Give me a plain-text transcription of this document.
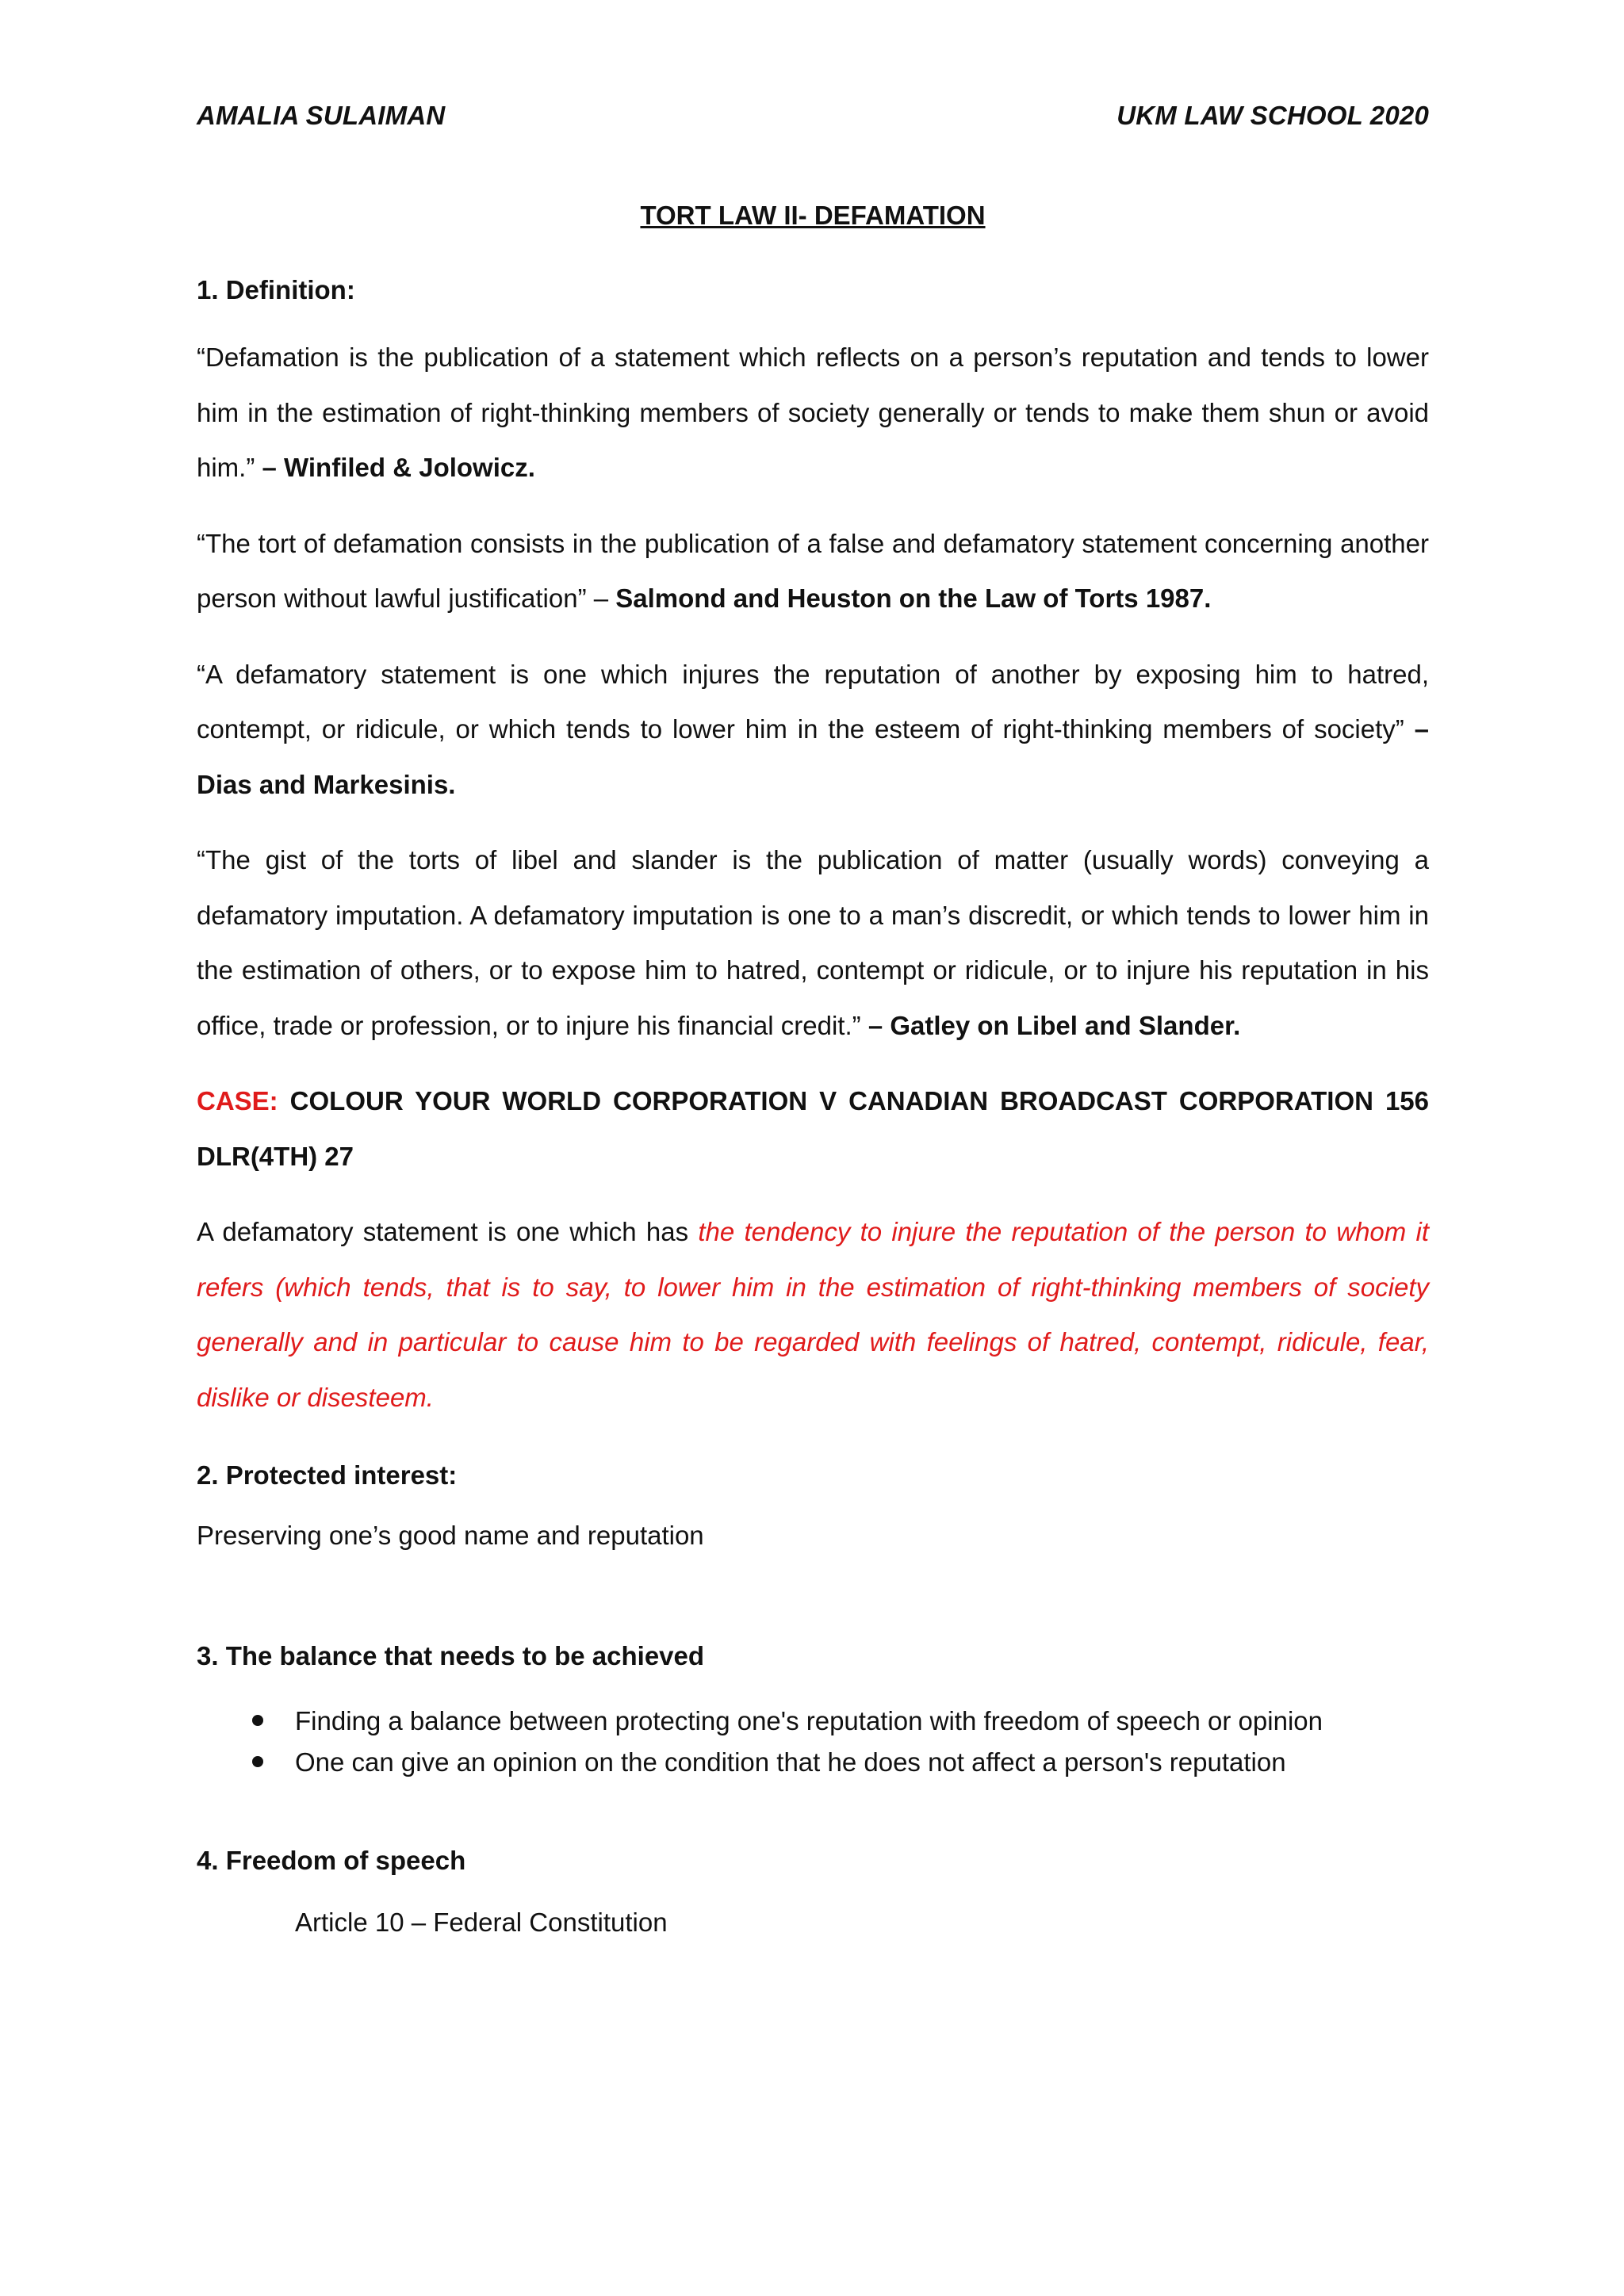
AMALIA SULAIMAN	UKM LAW SCHOOL 2020
TORT LAW II- DEFAMATION
1. Definition:
“Defamation is the publication of a statement which reflects on a person’s reputation and tends to lower him in the estimation of right-thinking members of society generally or tends to make them shun or avoid him.” – Winfiled & Jolowicz.
“The tort of defamation consists in the publication of a false and defamatory statement concerning another person without lawful justification” – Salmond and Heuston on the Law of Torts 1987.
“A defamatory statement is one which injures the reputation of another by exposing him to hatred, contempt, or ridicule, or which tends to lower him in the esteem of right-thinking members of society” – Dias and Markesinis.
“The gist of the torts of libel and slander is the publication of matter (usually words) conveying a defamatory imputation. A defamatory imputation is one to a man’s discredit, or which tends to lower him in the estimation of others, or to expose him to hatred, contempt or ridicule, or to injure his reputation in his office, trade or profession, or to injure his financial credit.” – Gatley on Libel and Slander.
CASE: COLOUR YOUR WORLD CORPORATION V CANADIAN BROADCAST CORPORATION 156 DLR(4TH) 27
A defamatory statement is one which has the tendency to injure the reputation of the person to whom it refers (which tends, that is to say, to lower him in the estimation of right-thinking members of society generally and in particular to cause him to be regarded with feelings of hatred, contempt, ridicule, fear, dislike or disesteem.
2. Protected interest:
Preserving one’s good name and reputation
3. The balance that needs to be achieved
Finding a balance between protecting one's reputation with freedom of speech or opinion
One can give an opinion on the condition that he does not affect a person's reputation
4. Freedom of speech
Article 10 – Federal Constitution
